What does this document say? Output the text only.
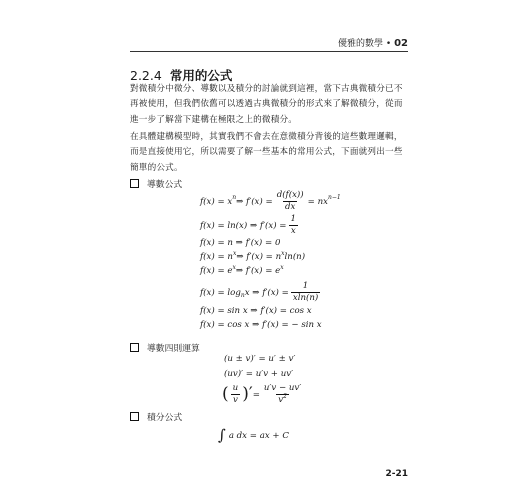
優雅的數學 • 02
2.2.4 常用的公式
對微積分中微分、導數以及積分的討論就到這裡，當下古典微積分已不再被使用，但我們依舊可以透過古典微積分的形式來了解微積分，從而進一步了解當下建構在極限之上的微積分。
在具體建構模型時，其實我們不會去在意微積分背後的這些數理邏輯，而是直接使用它，所以需要了解一些基本的常用公式，下面就列出一些簡單的公式。
導數公式
f(x) = x n ⇒ $f'(x) = \frac{d(f(x))}{dx}$ = nx n−1
f(x) = ln(x) ⇒ $f'(x) = \frac{1}{x}$
f(x) = n ⇒ f′(x) = 0
f(x) = n x ⇒ f′(x) = n x ln(n)
f(x) = e x ⇒ f′(x) = e x
f(x) = log n x ⇒ $f'(x) = \frac{1}{xln(n)}$
f(x) = sin x ⇒ f′(x) = cos x
f(x) = cos x ⇒ f′(x) = − sin x
導數四則運算
(u ± v)′ = u′ ± v′
(uv)′ = u′v + uv′
( $\frac{u}{v}$ )′ = $\frac{u'v - uv'}{v^2}$
積分公式
∫ a dx = ax + C
2-21
